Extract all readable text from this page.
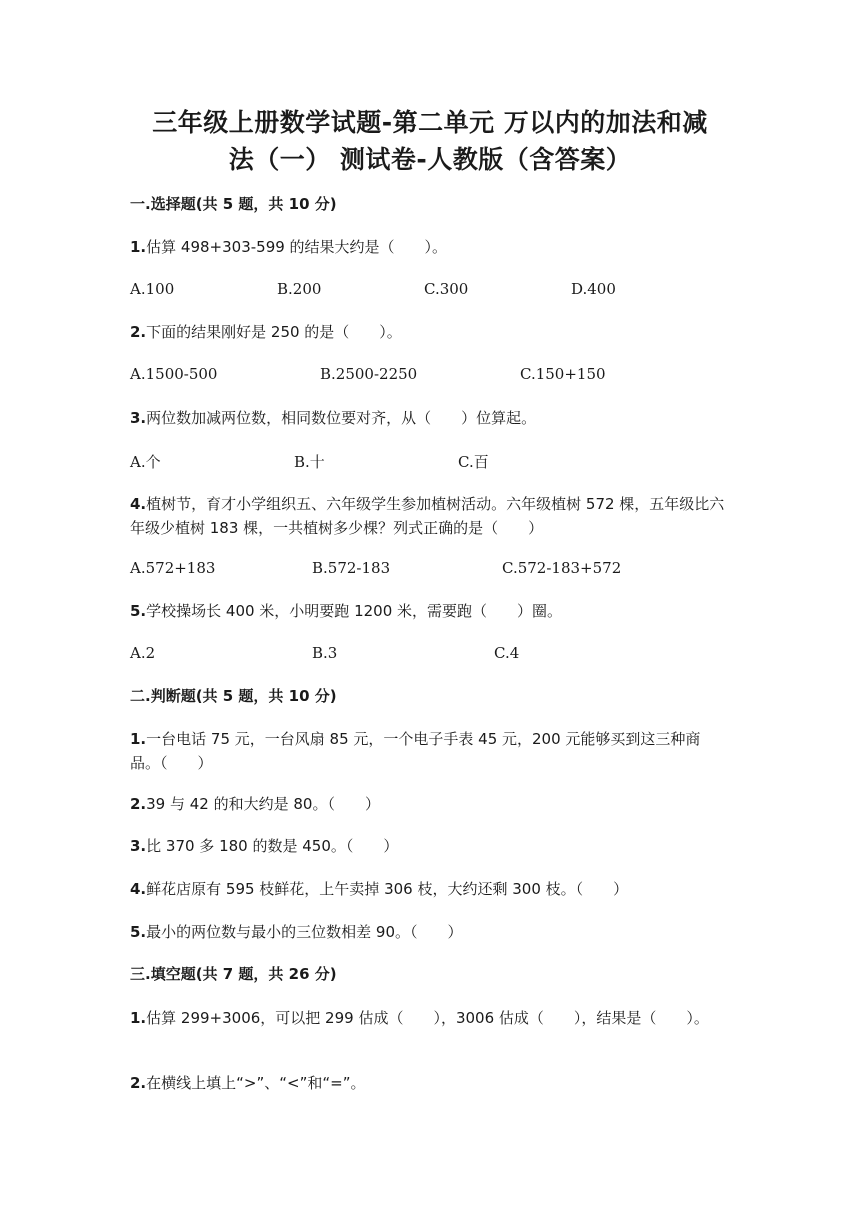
三年级上册数学试题-第二单元 万以内的加法和减
法（一） 测试卷-人教版（含答案）
一.选择题(共 5 题，共 10 分)
1.估算 498+303-599 的结果大约是（　　）。
A.100	B.200	C.300	D.400
2.下面的结果刚好是 250 的是（　　）。
A.1500-500	B.2500-2250	C.150+150
3.两位数加减两位数，相同数位要对齐，从（　　）位算起。
A.个	B.十	C.百
4.植树节，育才小学组织五、六年级学生参加植树活动。六年级植树 572 棵，五年级比六年级少植树 183 棵，一共植树多少棵？列式正确的是（　　）
A.572+183	B.572-183	C.572-183+572
5.学校操场长 400 米，小明要跑 1200 米，需要跑（　　）圈。
A.2	B.3	C.4
二.判断题(共 5 题，共 10 分)
1.一台电话 75 元，一台风扇 85 元，一个电子手表 45 元，200 元能够买到这三种商品。（　　）
2.39 与 42 的和大约是 80。（　　）
3.比 370 多 180 的数是 450。（　　）
4.鲜花店原有 595 枝鲜花，上午卖掉 306 枝，大约还剩 300 枝。（　　）
5.最小的两位数与最小的三位数相差 90。（　　）
三.填空题(共 7 题，共 26 分)
1.估算 299+3006，可以把 299 估成（　　），3006 估成（　　），结果是（　　）。
2.在横线上填上“>”、“<”和“=”。
